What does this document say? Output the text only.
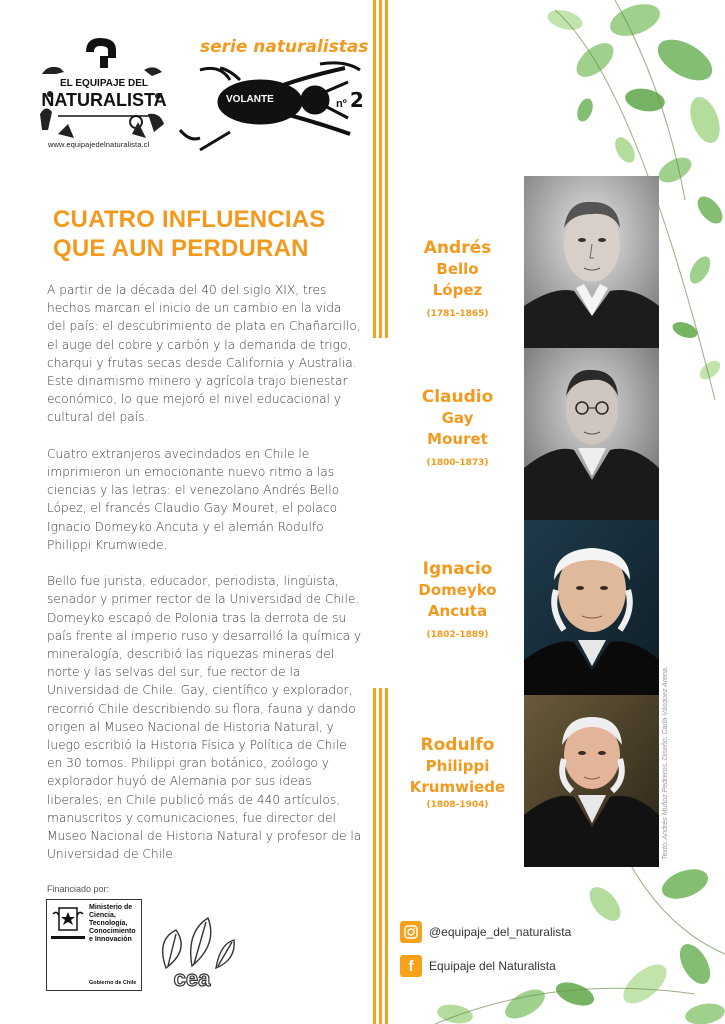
EL EQUIPAJE DEL
NATURALISTA
www.equipajedelnaturalista.cl
serie naturalistas
VOLANTE	nº 2
CUATRO INFLUENCIAS
QUE AUN PERDURAN

A partir de la década del 40 del siglo XIX, tres hechos marcan el inicio de un cambio en la vida del país: el descubrimiento de plata en Chañarcillo, el auge del cobre y carbón y la demanda de trigo, charqui y frutas secas desde California y Australia. Este dinamismo minero y agrícola trajo bienestar económico, lo que mejoró el nivel educacional y cultural del país.

Cuatro extranjeros avecindados en Chile le imprimieron un emocionante nuevo ritmo a las ciencias y las letras: el venezolano Andrés Bello López, el francés Claudio Gay Mouret, el polaco Ignacio Domeyko Ancuta y el alemán Rodulfo Philippi Krumwiede.

Bello fue jurista, educador, periodista, lingüista, senador y primer rector de la Universidad de Chile. Domeyko escapó de Polonia tras la derrota de su país frente al imperio ruso y desarrolló la química y mineralogía, describió las riquezas mineras del norte y las selvas del sur, fue rector de la Universidad de Chile. Gay, científico y explorador, recorrió Chile describiendo su flora, fauna y dando origen al Museo Nacional de Historia Natural, y luego escribió la Historia Física y Política de Chile en 30 tomos. Philippi gran botánico, zoólogo y explorador huyó de Alemania por sus ideas liberales; en Chile publicó más de 440 artículos, manuscritos y comunicaciones, fue director del Museo Nacional de Historia Natural y profesor de la Universidad de Chile.

Andrés
Bello
López
(1781-1865)
Claudio
Gay
Mouret
(1800-1873)
Ignacio
Domeyko
Ancuta
(1802-1889)
Rodulfo
Philippi
Krumwiede
(1808-1904)	Texto: Andrés Muñoz Pedreros. Diseño: Carla Vásquez Arena.
Financiado por:
Ministerio de
Ciencia,
Tecnología,
Conocimiento
e Innovación
Gobierno de Chile cea
@equipaje_del_naturalista
f	Equipaje del Naturalista
